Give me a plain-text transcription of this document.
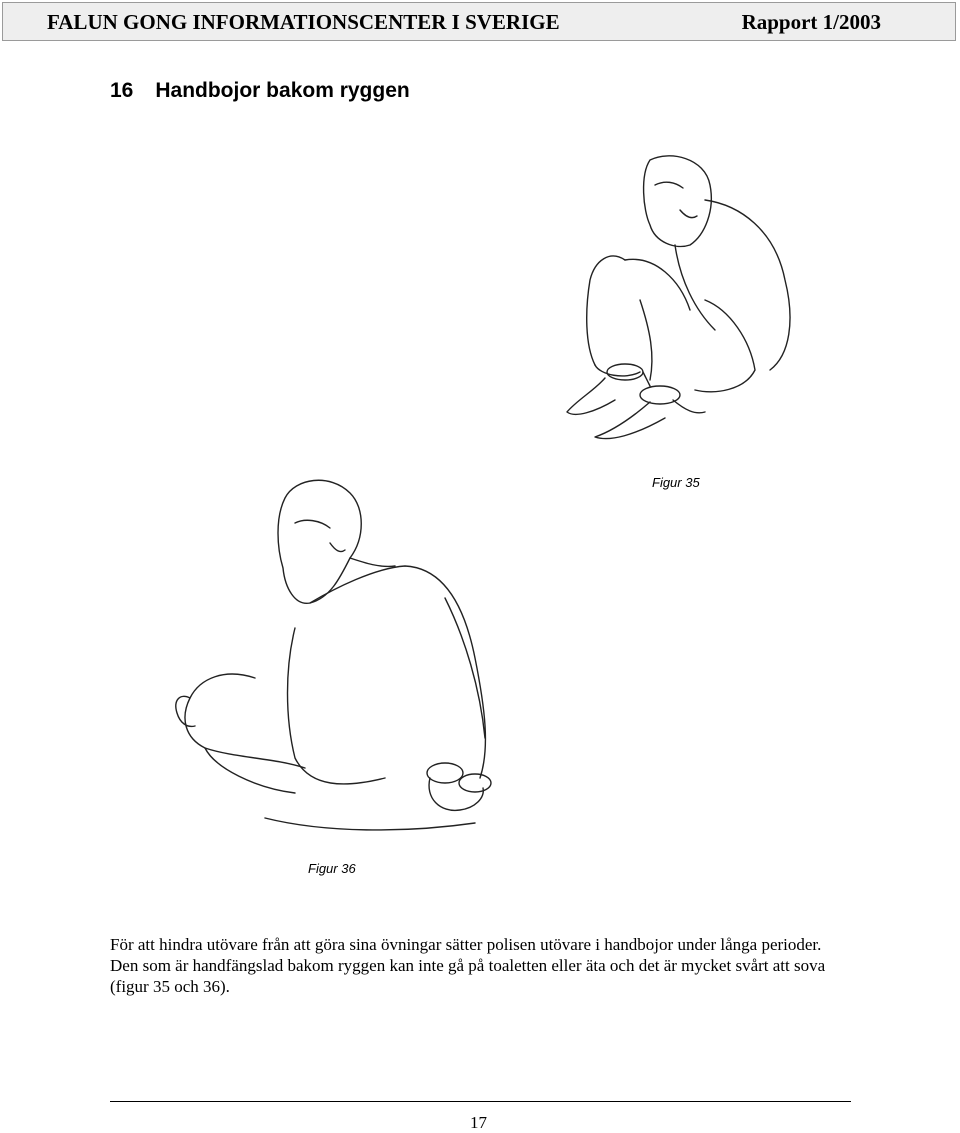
FALUN GONG INFORMATIONSCENTER I SVERIGE	Rapport 1/2003
16 Handbojor bakom ryggen
Figur 35
Figur 36

För att hindra utövare från att göra sina övningar sätter polisen utövare i handbojor under långa perioder. Den som är handfängslad bakom ryggen kan inte gå på toaletten eller äta och det är mycket svårt att sova (figur 35 och 36).

17
